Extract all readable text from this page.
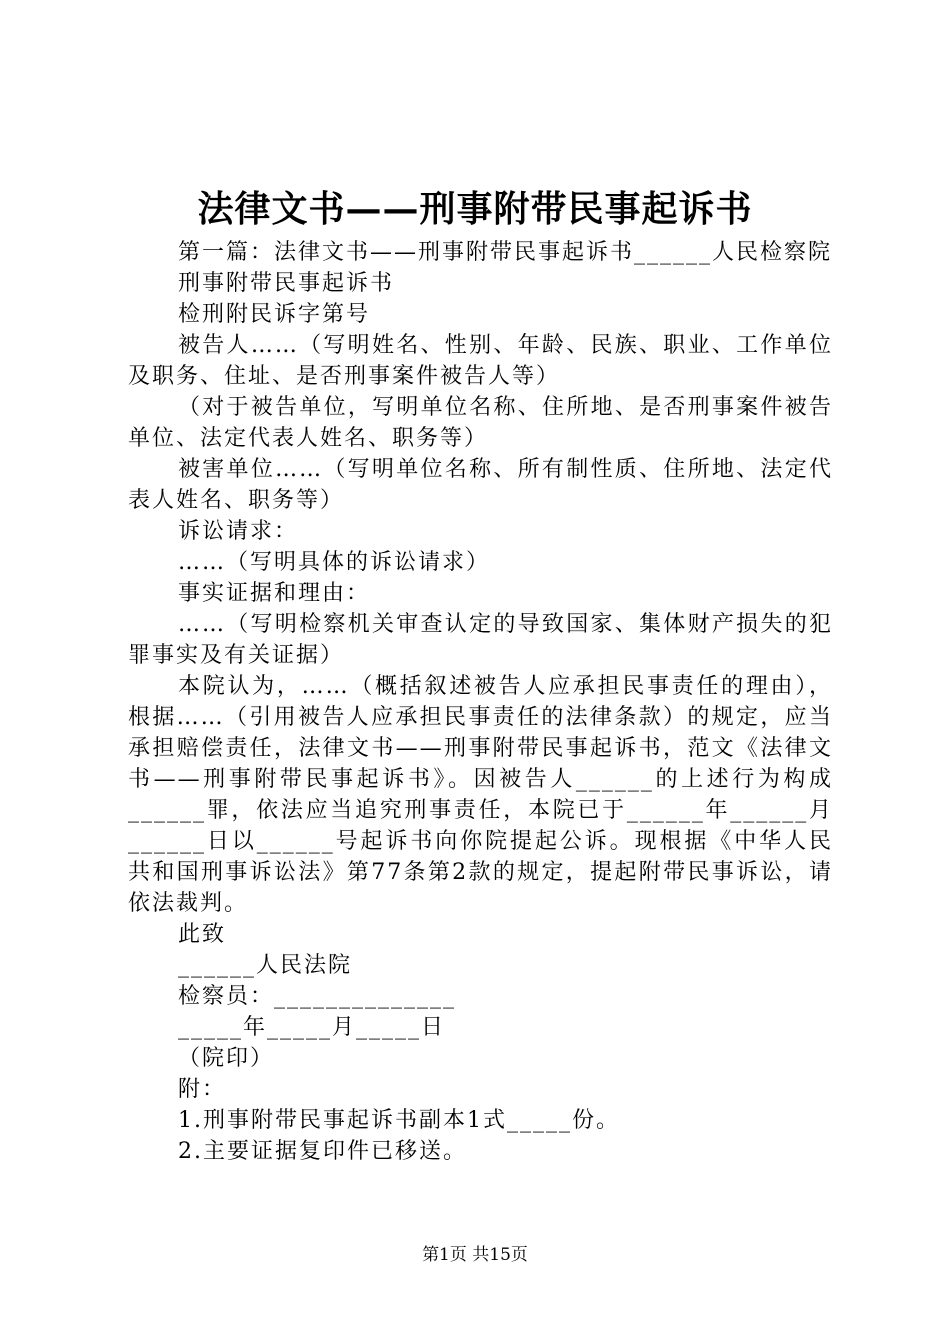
法律文书——刑事附带民事起诉书

第一篇：法律文书——刑事附带民事起诉书______人民检察院

刑事附带民事起诉书

检刑附民诉字第号

被告人……（写明姓名、性别、年龄、民族、职业、工作单位及职务、住址、是否刑事案件被告人等）

（对于被告单位，写明单位名称、住所地、是否刑事案件被告单位、法定代表人姓名、职务等）

被害单位……（写明单位名称、所有制性质、住所地、法定代表人姓名、职务等）

诉讼请求：

……（写明具体的诉讼请求）

事实证据和理由：

……（写明检察机关审查认定的导致国家、集体财产损失的犯罪事实及有关证据）

本院认为，……（概括叙述被告人应承担民事责任的理由），根据……（引用被告人应承担民事责任的法律条款）的规定，应当承担赔偿责任，法律文书——刑事附带民事起诉书，范文《法律文书——刑事附带民事起诉书》。因被告人______的上述行为构成______罪，依法应当追究刑事责任，本院已于______年______月______日以______号起诉书向你院提起公诉。现根据《中华人民共和国刑事诉讼法》第77条第2款的规定，提起附带民事诉讼，请依法裁判。

此致

______人民法院

检察员：______________

_____年_____月_____日

（院印）

附：

1.刑事附带民事起诉书副本1式_____份。

2.主要证据复印件已移送。

第1页 共15页
